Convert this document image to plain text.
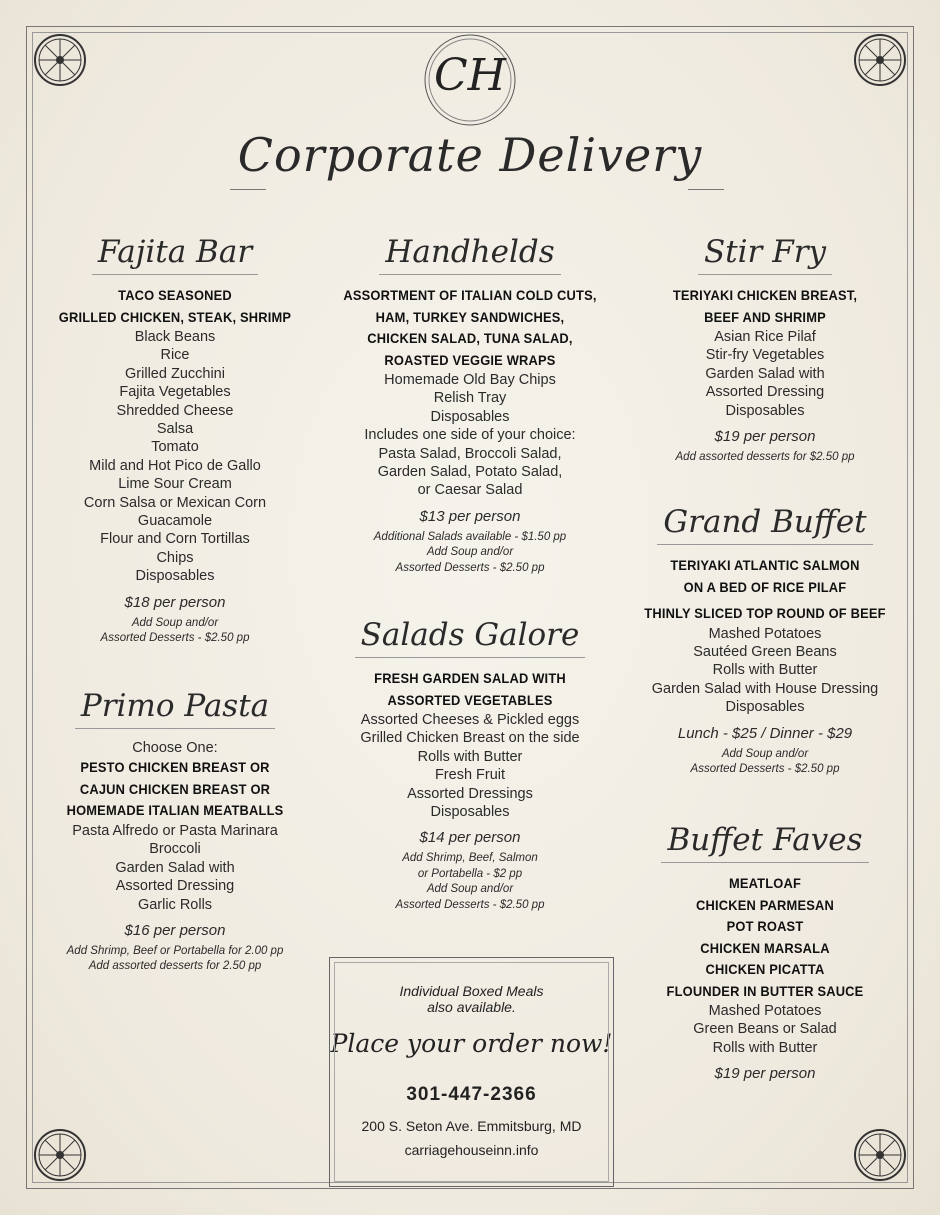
CH
Corporate Delivery
Fajita Bar
TACO SEASONED
GRILLED CHICKEN, STEAK, SHRIMP
Black Beans
Rice
Grilled Zucchini
Fajita Vegetables
Shredded Cheese
Salsa
Tomato
Mild and Hot Pico de Gallo
Lime Sour Cream
Corn Salsa or Mexican Corn
Guacamole
Flour and Corn Tortillas
Chips
Disposables
$18 per person
Add Soup and/or
Assorted Desserts - $2.50 pp
Primo Pasta
Choose One:
PESTO CHICKEN BREAST OR
CAJUN CHICKEN BREAST OR
HOMEMADE ITALIAN MEATBALLS
Pasta Alfredo or Pasta Marinara
Broccoli
Garden Salad with
Assorted Dressing
Garlic Rolls
$16 per person
Add Shrimp, Beef or Portabella for 2.00 pp
Add assorted desserts for 2.50 pp
Handhelds
ASSORTMENT OF ITALIAN COLD CUTS,
HAM, TURKEY SANDWICHES,
CHICKEN SALAD, TUNA SALAD,
ROASTED VEGGIE WRAPS
Homemade Old Bay Chips
Relish Tray
Disposables
Includes one side of your choice:
Pasta Salad, Broccoli Salad,
Garden Salad, Potato Salad,
or Caesar Salad
$13 per person
Additional Salads available - $1.50 pp
Add Soup and/or
Assorted Desserts - $2.50 pp
Salads Galore
FRESH GARDEN SALAD WITH
ASSORTED VEGETABLES
Assorted Cheeses & Pickled eggs
Grilled Chicken Breast on the side
Rolls with Butter
Fresh Fruit
Assorted Dressings
Disposables
$14 per person
Add Shrimp, Beef, Salmon
or Portabella - $2 pp
Add Soup and/or
Assorted Desserts - $2.50 pp
Stir Fry
TERIYAKI CHICKEN BREAST,
BEEF AND SHRIMP
Asian Rice Pilaf
Stir-fry Vegetables
Garden Salad with
Assorted Dressing
Disposables
$19 per person
Add assorted desserts for $2.50 pp
Grand Buffet
TERIYAKI ATLANTIC SALMON
ON A BED OF RICE PILAF
THINLY SLICED TOP ROUND OF BEEF
Mashed Potatoes
Sautéed Green Beans
Rolls with Butter
Garden Salad with House Dressing
Disposables
Lunch - $25 / Dinner - $29
Add Soup and/or
Assorted Desserts - $2.50 pp
Buffet Faves
MEATLOAF
CHICKEN PARMESAN
POT ROAST
CHICKEN MARSALA
CHICKEN PICATTA
FLOUNDER IN BUTTER SAUCE
Mashed Potatoes
Green Beans or Salad
Rolls with Butter
$19 per person
Individual Boxed Meals
also available.
Place your order now!
301-447-2366
200 S. Seton Ave. Emmitsburg, MD
carriagehouseinn.info
